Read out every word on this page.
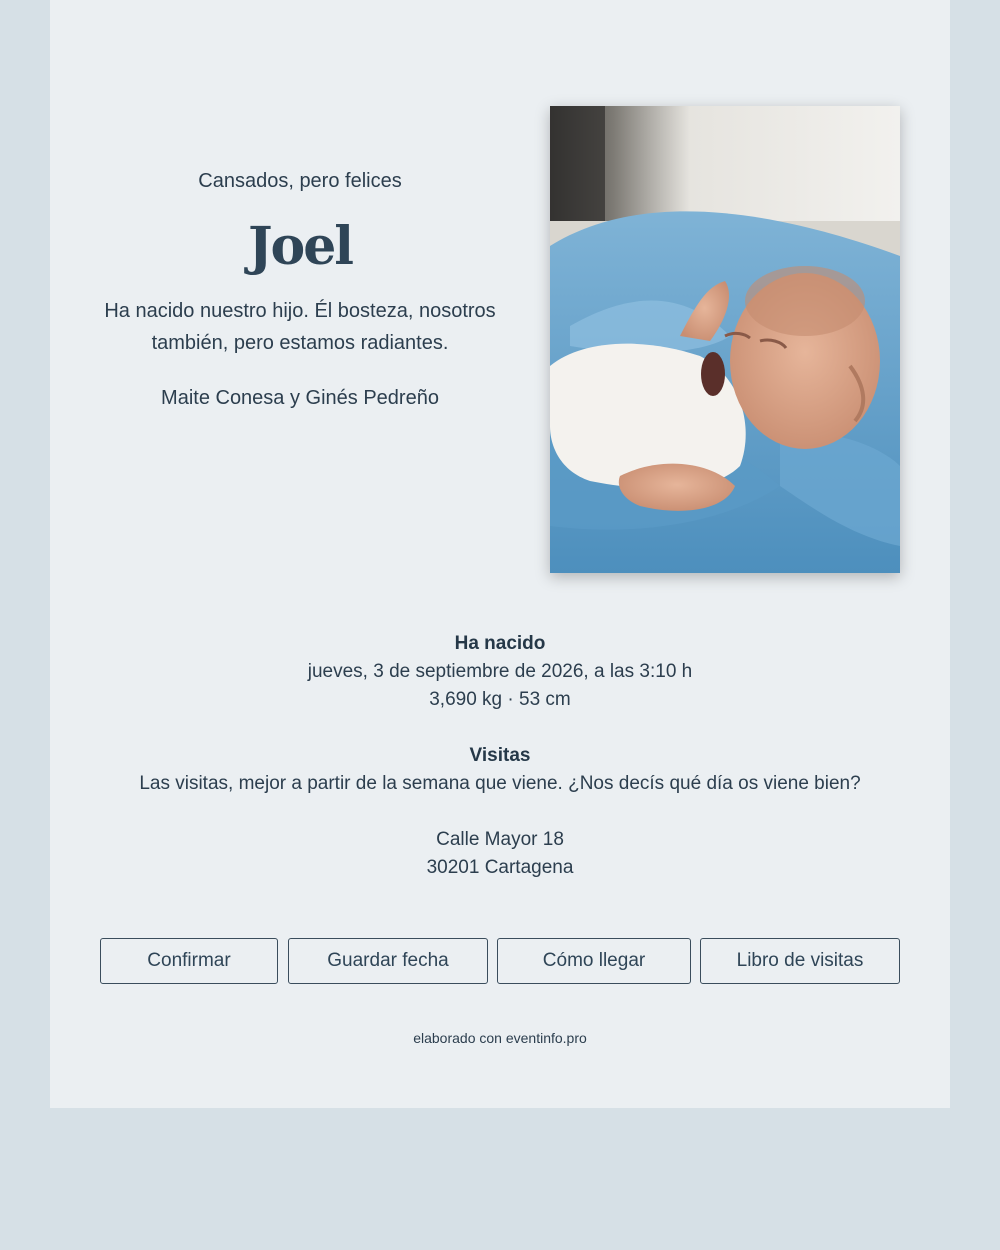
Cansados, pero felices

Joel

Ha nacido nuestro hijo. Él bosteza, nosotros también, pero estamos radiantes.

Maite Conesa y Ginés Pedreño

Ha nacido

jueves, 3 de septiembre de 2026, a las 3:10 h

3,690 kg · 53 cm

Visitas

Las visitas, mejor a partir de la semana que viene. ¿Nos decís qué día os viene bien?

Calle Mayor 18

30201 Cartagena

Confirmar	Guardar fecha	Cómo llegar	Libro de visitas
elaborado con eventinfo.pro
